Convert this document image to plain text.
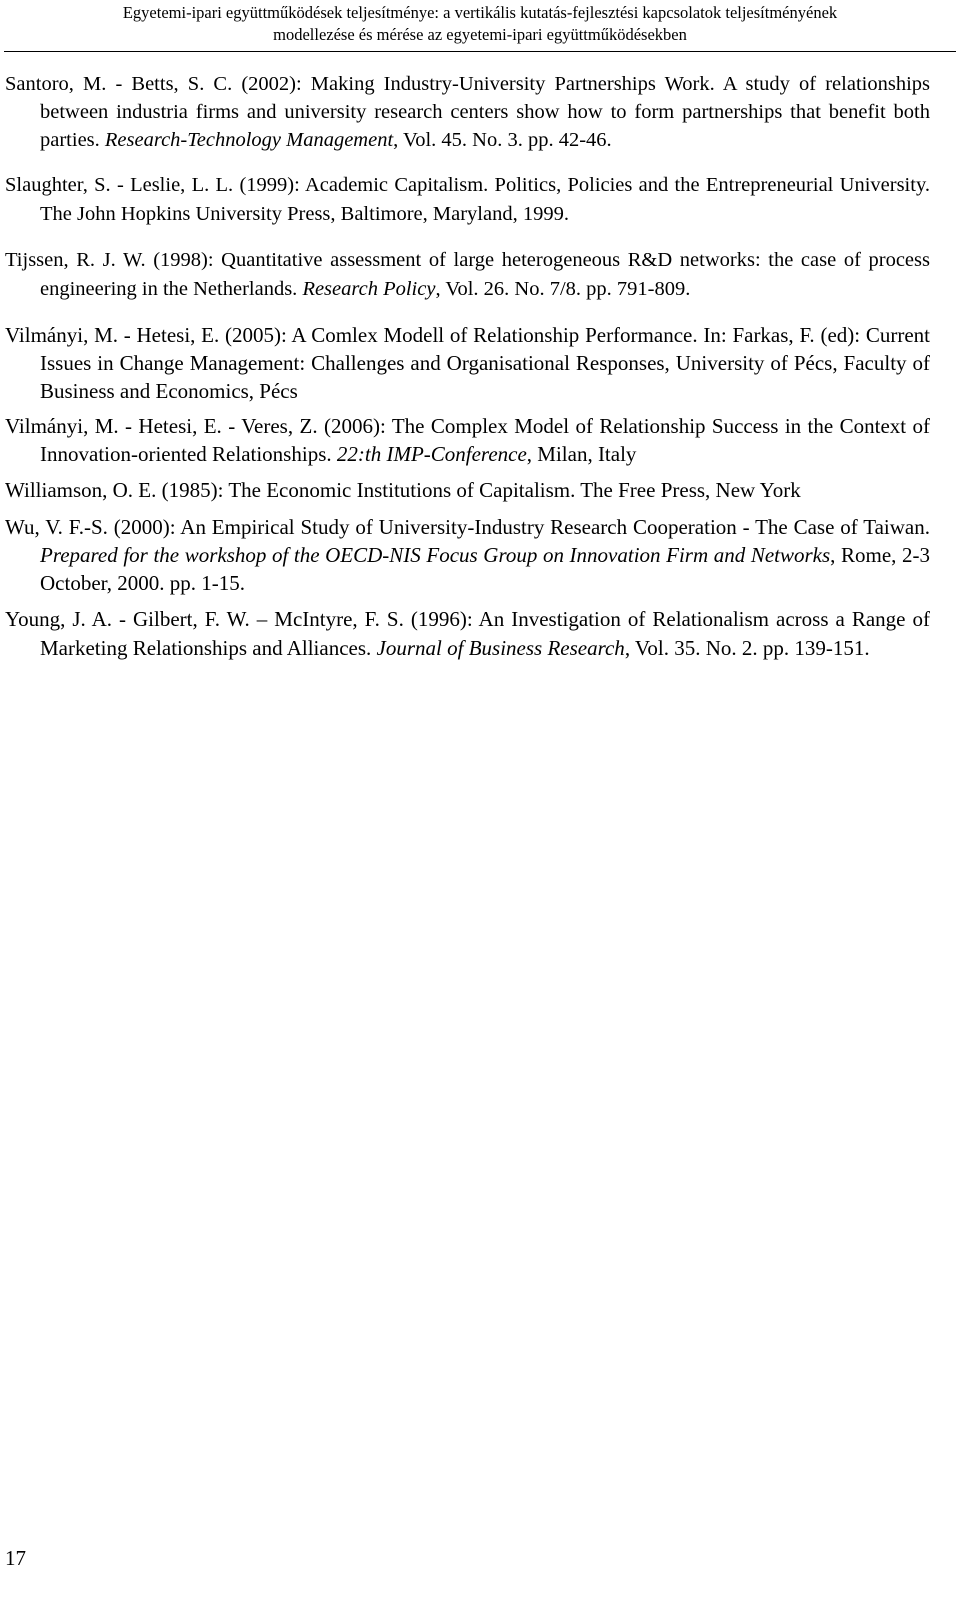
Egyetemi-ipari együttműködések teljesítménye: a vertikális kutatás-fejlesztési kapcsolatok teljesítményének
modellezése és mérése az egyetemi-ipari együttműködésekben

Santoro, M. - Betts, S. C. (2002): Making Industry-University Partnerships Work. A study of relationships between industria firms and university research centers show how to form partnerships that benefit both parties. Research-Technology Management, Vol. 45. No. 3. pp. 42-46.

Slaughter, S. - Leslie, L. L. (1999): Academic Capitalism. Politics, Policies and the Entrepreneurial University. The John Hopkins University Press, Baltimore, Maryland, 1999.

Tijssen, R. J. W. (1998): Quantitative assessment of large heterogeneous R&D networks: the case of process engineering in the Netherlands. Research Policy, Vol. 26. No. 7/8. pp. 791-809.

Vilmányi, M. - Hetesi, E. (2005): A Comlex Modell of Relationship Performance. In: Farkas, F. (ed): Current Issues in Change Management: Challenges and Organisational Responses, University of Pécs, Faculty of Business and Economics, Pécs

Vilmányi, M. - Hetesi, E. - Veres, Z. (2006): The Complex Model of Relationship Success in the Context of Innovation-oriented Relationships. 22:th IMP-Conference, Milan, Italy

Williamson, O. E. (1985): The Economic Institutions of Capitalism. The Free Press, New York

Wu, V. F.-S. (2000): An Empirical Study of University-Industry Research Cooperation - The Case of Taiwan. Prepared for the workshop of the OECD-NIS Focus Group on Innovation Firm and Networks, Rome, 2-3 October, 2000. pp. 1-15.

Young, J. A. - Gilbert, F. W. – McIntyre, F. S. (1996): An Investigation of Relationalism across a Range of Marketing Relationships and Alliances. Journal of Business Research, Vol. 35. No. 2. pp. 139-151.

17
